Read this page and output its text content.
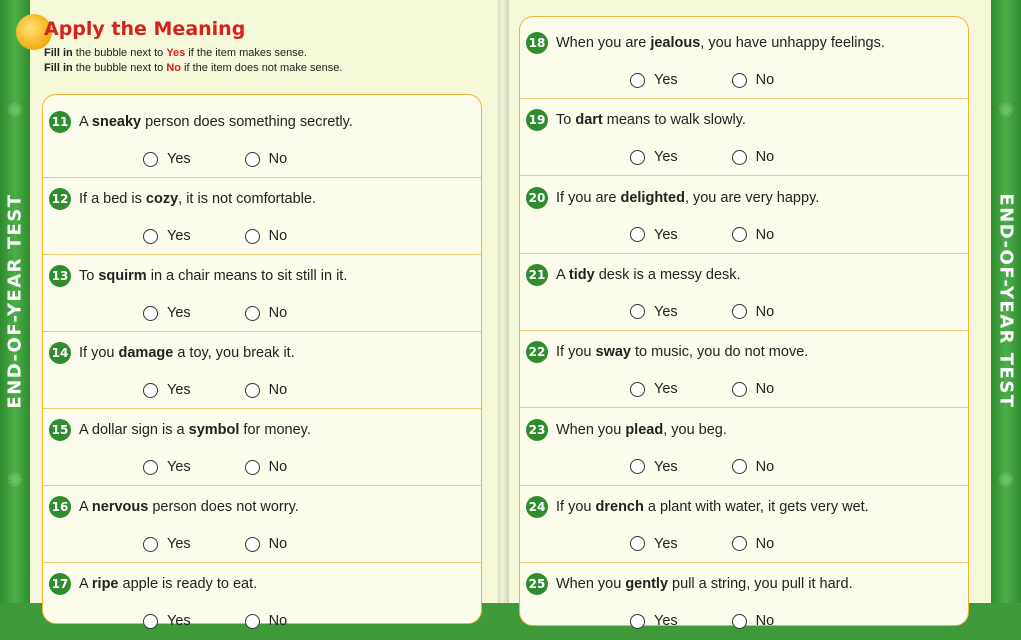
✺
✺
END-OF-YEAR TEST
Apply the Meaning
Fill in the bubble next to Yes if the item makes sense.
Fill in the bubble next to No if the item does not make sense.
11 A sneaky person does something secretly.
Yes	No
12 If a bed is cozy, it is not comfortable.
Yes	No
13 To squirm in a chair means to sit still in it.
Yes	No
14 If you damage a toy, you break it.
Yes	No
15 A dollar sign is a symbol for money.
Yes	No
16 A nervous person does not worry.
Yes	No
17 A ripe apple is ready to eat.
Yes	No
18 When you are jealous, you have unhappy feelings.
Yes	No
19 To dart means to walk slowly.
Yes	No
20 If you are delighted, you are very happy.
Yes	No
21 A tidy desk is a messy desk.
Yes	No
22 If you sway to music, you do not move.
Yes	No
23 When you plead, you beg.
Yes	No
24 If you drench a plant with water, it gets very wet.
Yes	No
25 When you gently pull a string, you pull it hard.
Yes	No
✺
✺
END-OF-YEAR TEST
